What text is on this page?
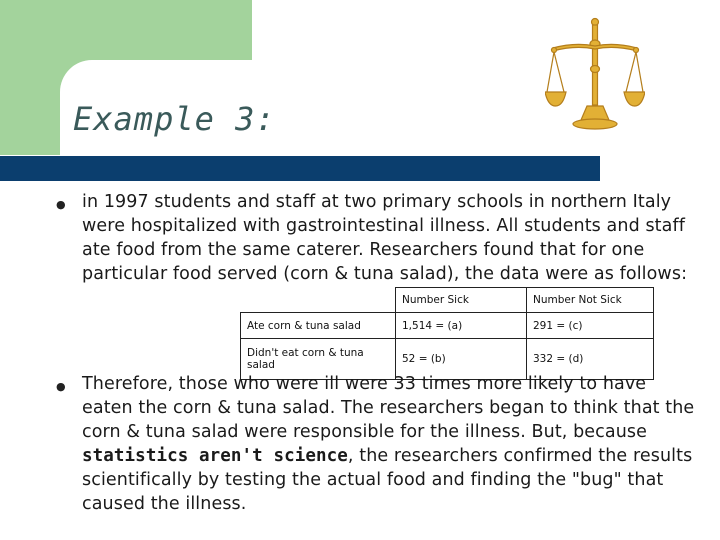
Example 3:
● in 1997 students and staff at two primary schools in northern Italy were hospitalized with gastrointestinal illness. All students and staff ate food from the same caterer. Researchers found that for one particular food served (corn & tuna salad), the data were as follows:

	Number Sick	Number Not Sick
Ate corn & tuna salad	1,514 = (a)	291 = (c)
Didn't eat corn & tuna salad	52 = (b)	332 = (d)
● Therefore, those who were ill were 33 times more likely to have eaten the corn & tuna salad. The researchers began to think that the corn & tuna salad were responsible for the illness. But, because statistics aren't science, the researchers confirmed the results scientifically by testing the actual food and finding the "bug" that caused the illness.
